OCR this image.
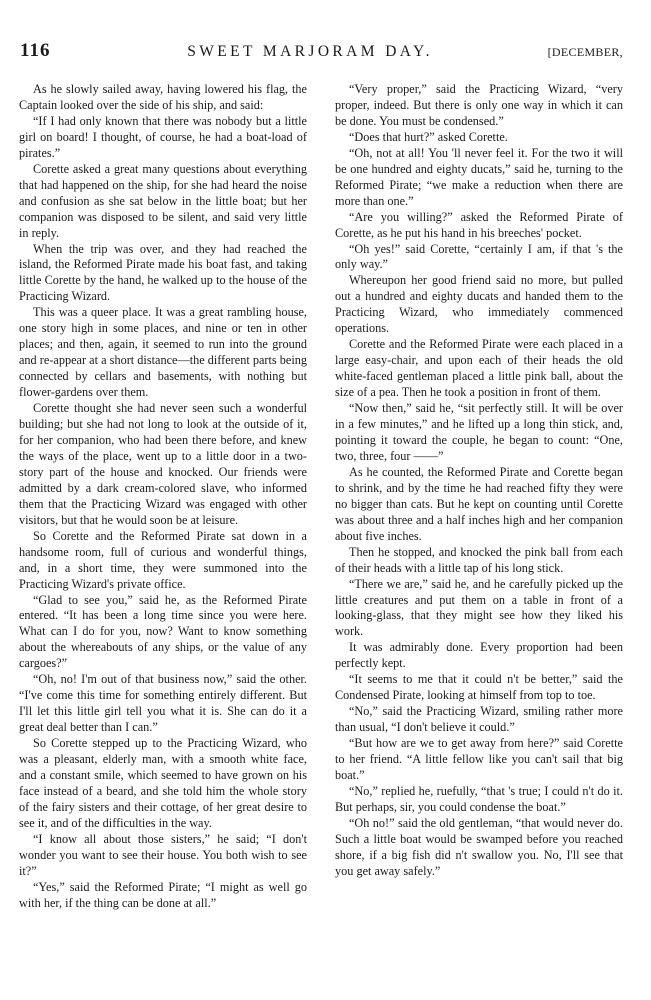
116	SWEET MARJORAM DAY.	[DECEMBER,

As he slowly sailed away, having lowered his flag, the Captain looked over the side of his ship, and said:

“If I had only known that there was nobody but a little girl on board! I thought, of course, he had a boat-load of pirates.”

Corette asked a great many questions about everything that had happened on the ship, for she had heard the noise and confusion as she sat below in the little boat; but her companion was disposed to be silent, and said very little in reply.

When the trip was over, and they had reached the island, the Reformed Pirate made his boat fast, and taking little Corette by the hand, he walked up to the house of the Practicing Wizard.

This was a queer place. It was a great rambling house, one story high in some places, and nine or ten in other places; and then, again, it seemed to run into the ground and re-appear at a short distance—the different parts being connected by cellars and basements, with nothing but flower-gardens over them.

Corette thought she had never seen such a wonderful building; but she had not long to look at the outside of it, for her companion, who had been there before, and knew the ways of the place, went up to a little door in a two-story part of the house and knocked. Our friends were admitted by a dark cream-colored slave, who informed them that the Practicing Wizard was engaged with other visitors, but that he would soon be at leisure.

So Corette and the Reformed Pirate sat down in a handsome room, full of curious and wonderful things, and, in a short time, they were summoned into the Practicing Wizard's private office.

“Glad to see you,” said he, as the Reformed Pirate entered. “It has been a long time since you were here. What can I do for you, now? Want to know something about the whereabouts of any ships, or the value of any cargoes?”

“Oh, no! I'm out of that business now,” said the other. “I've come this time for something entirely different. But I'll let this little girl tell you what it is. She can do it a great deal better than I can.”

So Corette stepped up to the Practicing Wizard, who was a pleasant, elderly man, with a smooth white face, and a constant smile, which seemed to have grown on his face instead of a beard, and she told him the whole story of the fairy sisters and their cottage, of her great desire to see it, and of the difficulties in the way.

“I know all about those sisters,” he said; “I don't wonder you want to see their house. You both wish to see it?”

“Yes,” said the Reformed Pirate; “I might as well go with her, if the thing can be done at all.”

“Very proper,” said the Practicing Wizard, “very proper, indeed. But there is only one way in which it can be done. You must be condensed.”

“Does that hurt?” asked Corette.

“Oh, not at all! You 'll never feel it. For the two it will be one hundred and eighty ducats,” said he, turning to the Reformed Pirate; “we make a reduction when there are more than one.”

“Are you willing?” asked the Reformed Pirate of Corette, as he put his hand in his breeches' pocket.

“Oh yes!” said Corette, “certainly I am, if that 's the only way.”

Whereupon her good friend said no more, but pulled out a hundred and eighty ducats and handed them to the Practicing Wizard, who immediately commenced operations.

Corette and the Reformed Pirate were each placed in a large easy-chair, and upon each of their heads the old white-faced gentleman placed a little pink ball, about the size of a pea. Then he took a position in front of them.

“Now then,” said he, “sit perfectly still. It will be over in a few minutes,” and he lifted up a long thin stick, and, pointing it toward the couple, he began to count: “One, two, three, four ——”

As he counted, the Reformed Pirate and Corette began to shrink, and by the time he had reached fifty they were no bigger than cats. But he kept on counting until Corette was about three and a half inches high and her companion about five inches.

Then he stopped, and knocked the pink ball from each of their heads with a little tap of his long stick.

“There we are,” said he, and he carefully picked up the little creatures and put them on a table in front of a looking-glass, that they might see how they liked his work.

It was admirably done. Every proportion had been perfectly kept.

“It seems to me that it could n't be better,” said the Condensed Pirate, looking at himself from top to toe.

“No,” said the Practicing Wizard, smiling rather more than usual, “I don't believe it could.”

“But how are we to get away from here?” said Corette to her friend. “A little fellow like you can't sail that big boat.”

“No,” replied he, ruefully, “that 's true; I could n't do it. But perhaps, sir, you could condense the boat.”

“Oh no!” said the old gentleman, “that would never do. Such a little boat would be swamped before you reached shore, if a big fish did n't swallow you. No, I'll see that you get away safely.”
